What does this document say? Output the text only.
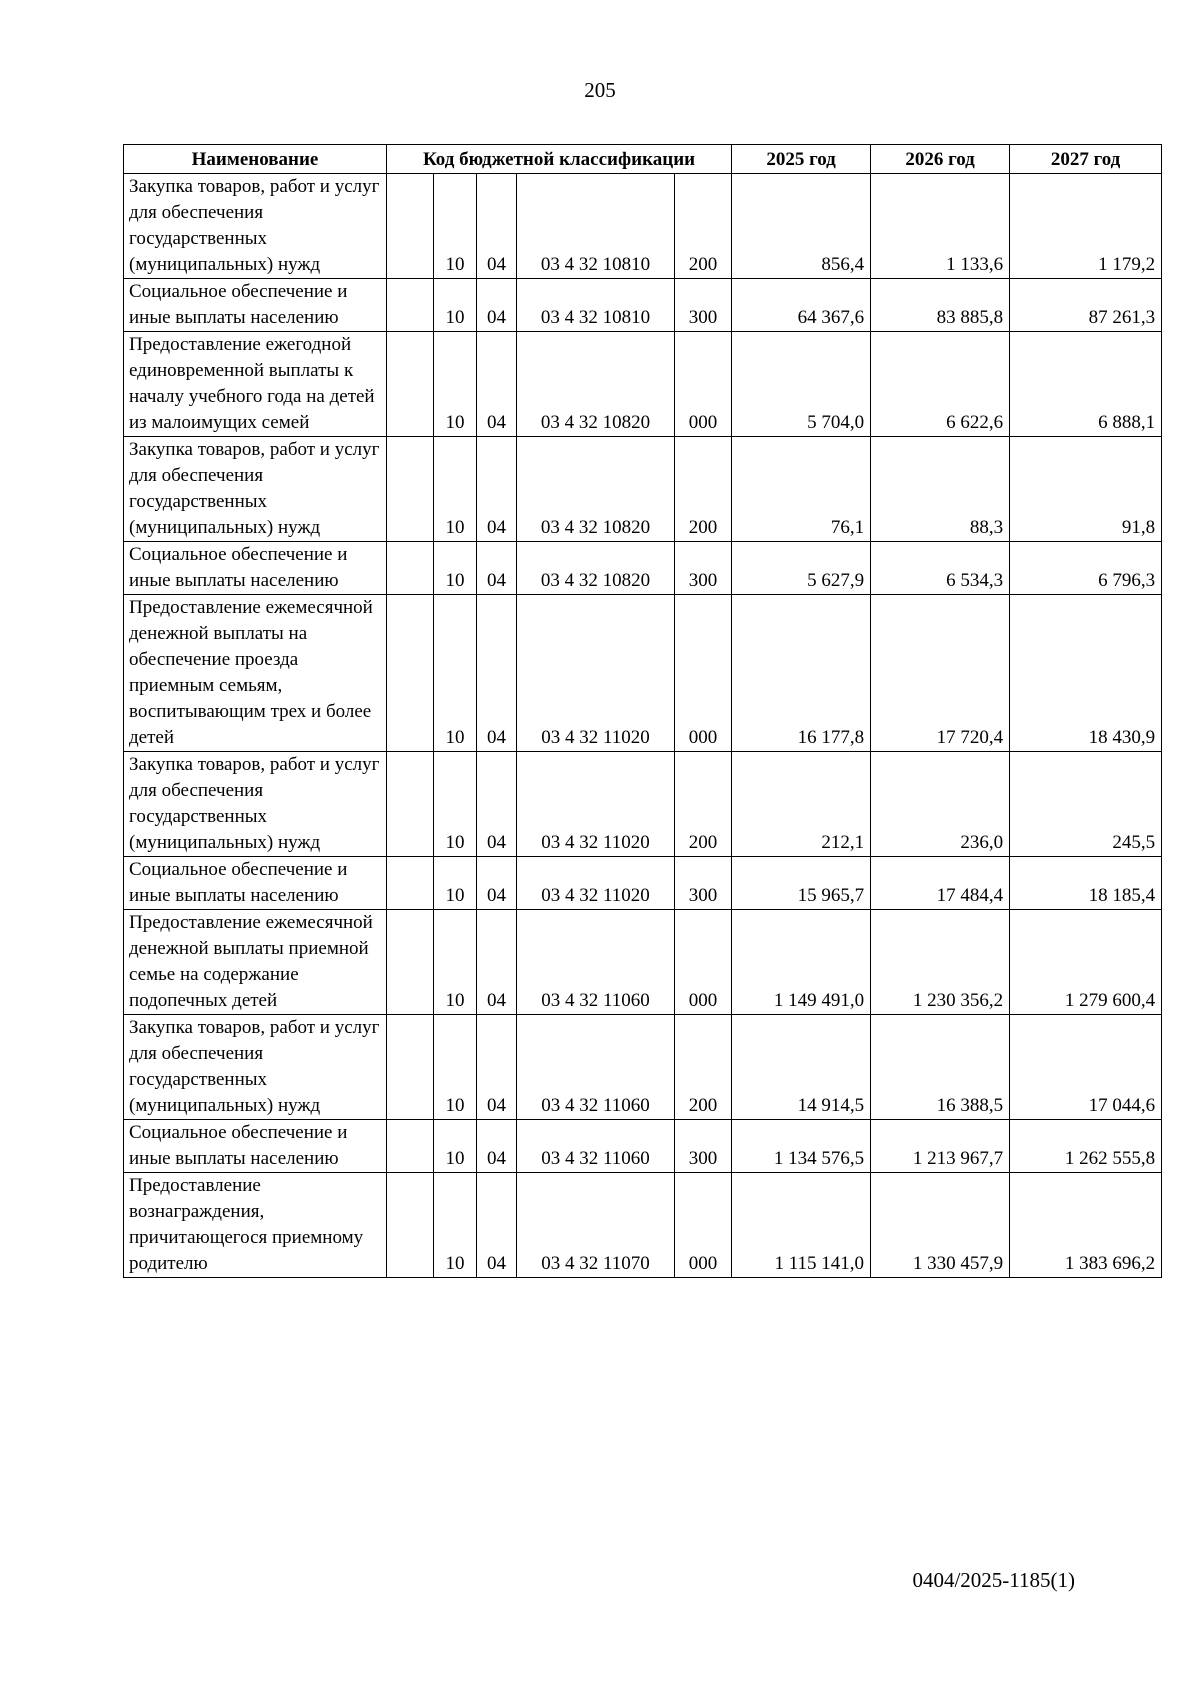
205
Наименование	Код бюджетной классификации					2025 год	2026 год	2027 год
Закупка товаров, работ и услуг для обеспечения государственных (муниципальных) нужд		10	04	03 4 32 10810	200	856,4	1 133,6	1 179,2
Социальное обеспечение и иные выплаты населению		10	04	03 4 32 10810	300	64 367,6	83 885,8	87 261,3
Предоставление ежегодной единовременной выплаты к началу учебного года на детей из малоимущих семей		10	04	03 4 32 10820	000	5 704,0	6 622,6	6 888,1
Закупка товаров, работ и услуг для обеспечения государственных (муниципальных) нужд		10	04	03 4 32 10820	200	76,1	88,3	91,8
Социальное обеспечение и иные выплаты населению		10	04	03 4 32 10820	300	5 627,9	6 534,3	6 796,3
Предоставление ежемесячной денежной выплаты на обеспечение проезда приемным семьям, воспитывающим трех и более детей		10	04	03 4 32 11020	000	16 177,8	17 720,4	18 430,9
Закупка товаров, работ и услуг для обеспечения государственных (муниципальных) нужд		10	04	03 4 32 11020	200	212,1	236,0	245,5
Социальное обеспечение и иные выплаты населению		10	04	03 4 32 11020	300	15 965,7	17 484,4	18 185,4
Предоставление ежемесячной денежной выплаты приемной семье на содержание подопечных детей		10	04	03 4 32 11060	000	1 149 491,0	1 230 356,2	1 279 600,4
Закупка товаров, работ и услуг для обеспечения государственных (муниципальных) нужд		10	04	03 4 32 11060	200	14 914,5	16 388,5	17 044,6
Социальное обеспечение и иные выплаты населению		10	04	03 4 32 11060	300	1 134 576,5	1 213 967,7	1 262 555,8
Предоставление вознаграждения, причитающегося приемному родителю		10	04	03 4 32 11070	000	1 115 141,0	1 330 457,9	1 383 696,2
0404/2025-1185(1)
